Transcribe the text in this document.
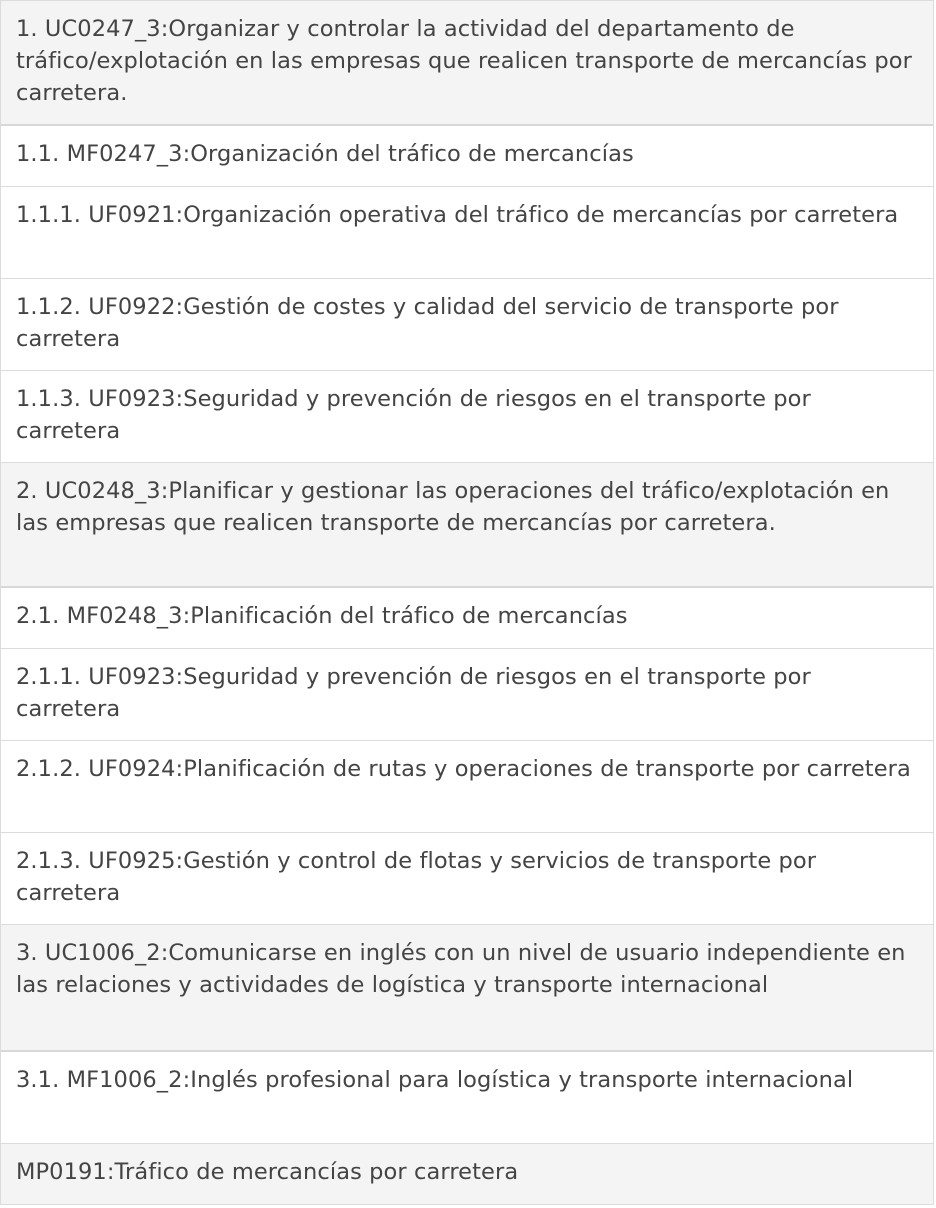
1. UC0247_3:Organizar y controlar la actividad del departamento de tráfico/explotación en las empresas que realicen transporte de mercancías por carretera.
1.1. MF0247_3:Organización del tráfico de mercancías
1.1.1. UF0921:Organización operativa del tráfico de mercancías por carretera
1.1.2. UF0922:Gestión de costes y calidad del servicio de transporte por carretera
1.1.3. UF0923:Seguridad y prevención de riesgos en el transporte por carretera
2. UC0248_3:Planificar y gestionar las operaciones del tráfico/explotación en las empresas que realicen transporte de mercancías por carretera.
2.1. MF0248_3:Planificación del tráfico de mercancías
2.1.1. UF0923:Seguridad y prevención de riesgos en el transporte por carretera
2.1.2. UF0924:Planificación de rutas y operaciones de transporte por carretera
2.1.3. UF0925:Gestión y control de flotas y servicios de transporte por carretera
3. UC1006_2:Comunicarse en inglés con un nivel de usuario independiente en las relaciones y actividades de logística y transporte internacional
3.1. MF1006_2:Inglés profesional para logística y transporte internacional
MP0191:Tráfico de mercancías por carretera
